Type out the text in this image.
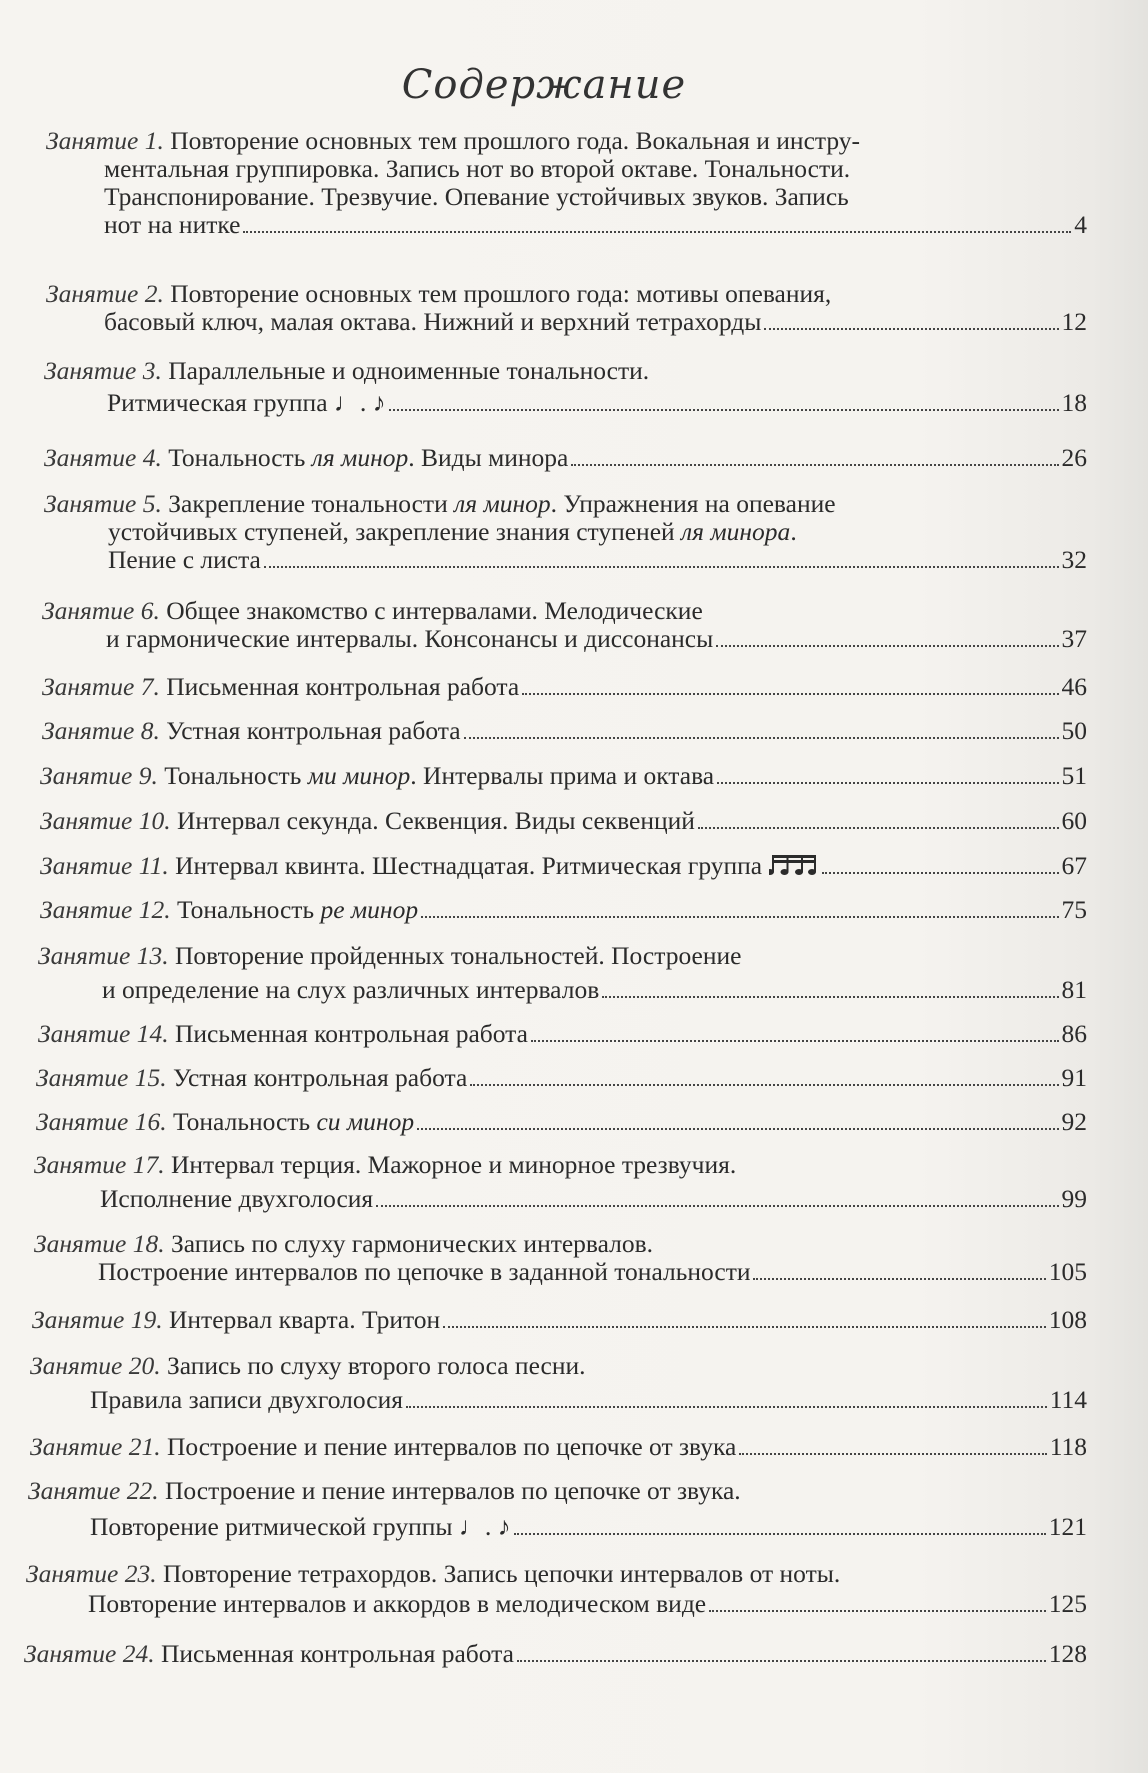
Содержание
Занятие 1. Повторение основных тем прошлого года. Вокальная и инстру-
ментальная группировка. Запись нот во второй октаве. Тональности.
Транспонирование. Трезвучие. Опевание устойчивых звуков. Запись
нот на нитке	4
Занятие 2. Повторение основных тем прошлого года: мотивы опевания,
басовый ключ, малая октава. Нижний и верхний тетрахорды	12
Занятие 3. Параллельные и одноименные тональности.
Ритмическая группа ♩. ♪	18
Занятие 4. Тональность ля минор. Виды минора	26
Занятие 5. Закрепление тональности ля минор. Упражнения на опевание
устойчивых ступеней, закрепление знания ступеней ля минора.
Пение с листа	32
Занятие 6. Общее знакомство с интервалами. Мелодические
и гармонические интервалы. Консонансы и диссонансы	37
Занятие 7. Письменная контрольная работа	46
Занятие 8. Устная контрольная работа	50
Занятие 9. Тональность ми минор. Интервалы прима и октава	51
Занятие 10. Интервал секунда. Секвенция. Виды секвенций	60
Занятие 11. Интервал квинта. Шестнадцатая. Ритмическая группа	67
Занятие 12. Тональность ре минор	75
Занятие 13. Повторение пройденных тональностей. Построение
и определение на слух различных интервалов	81
Занятие 14. Письменная контрольная работа	86
Занятие 15. Устная контрольная работа	91
Занятие 16. Тональность си минор	92
Занятие 17. Интервал терция. Мажорное и минорное трезвучия.
Исполнение двухголосия	99
Занятие 18. Запись по слуху гармонических интервалов.
Построение интервалов по цепочке в заданной тональности	105
Занятие 19. Интервал кварта. Тритон	108
Занятие 20. Запись по слуху второго голоса песни.
Правила записи двухголосия	114
Занятие 21. Построение и пение интервалов по цепочке от звука	118
Занятие 22. Построение и пение интервалов по цепочке от звука.
Повторение ритмической группы ♩. ♪	121
Занятие 23. Повторение тетрахордов. Запись цепочки интервалов от ноты.
Повторение интервалов и аккордов в мелодическом виде	125
Занятие 24. Письменная контрольная работа	128
